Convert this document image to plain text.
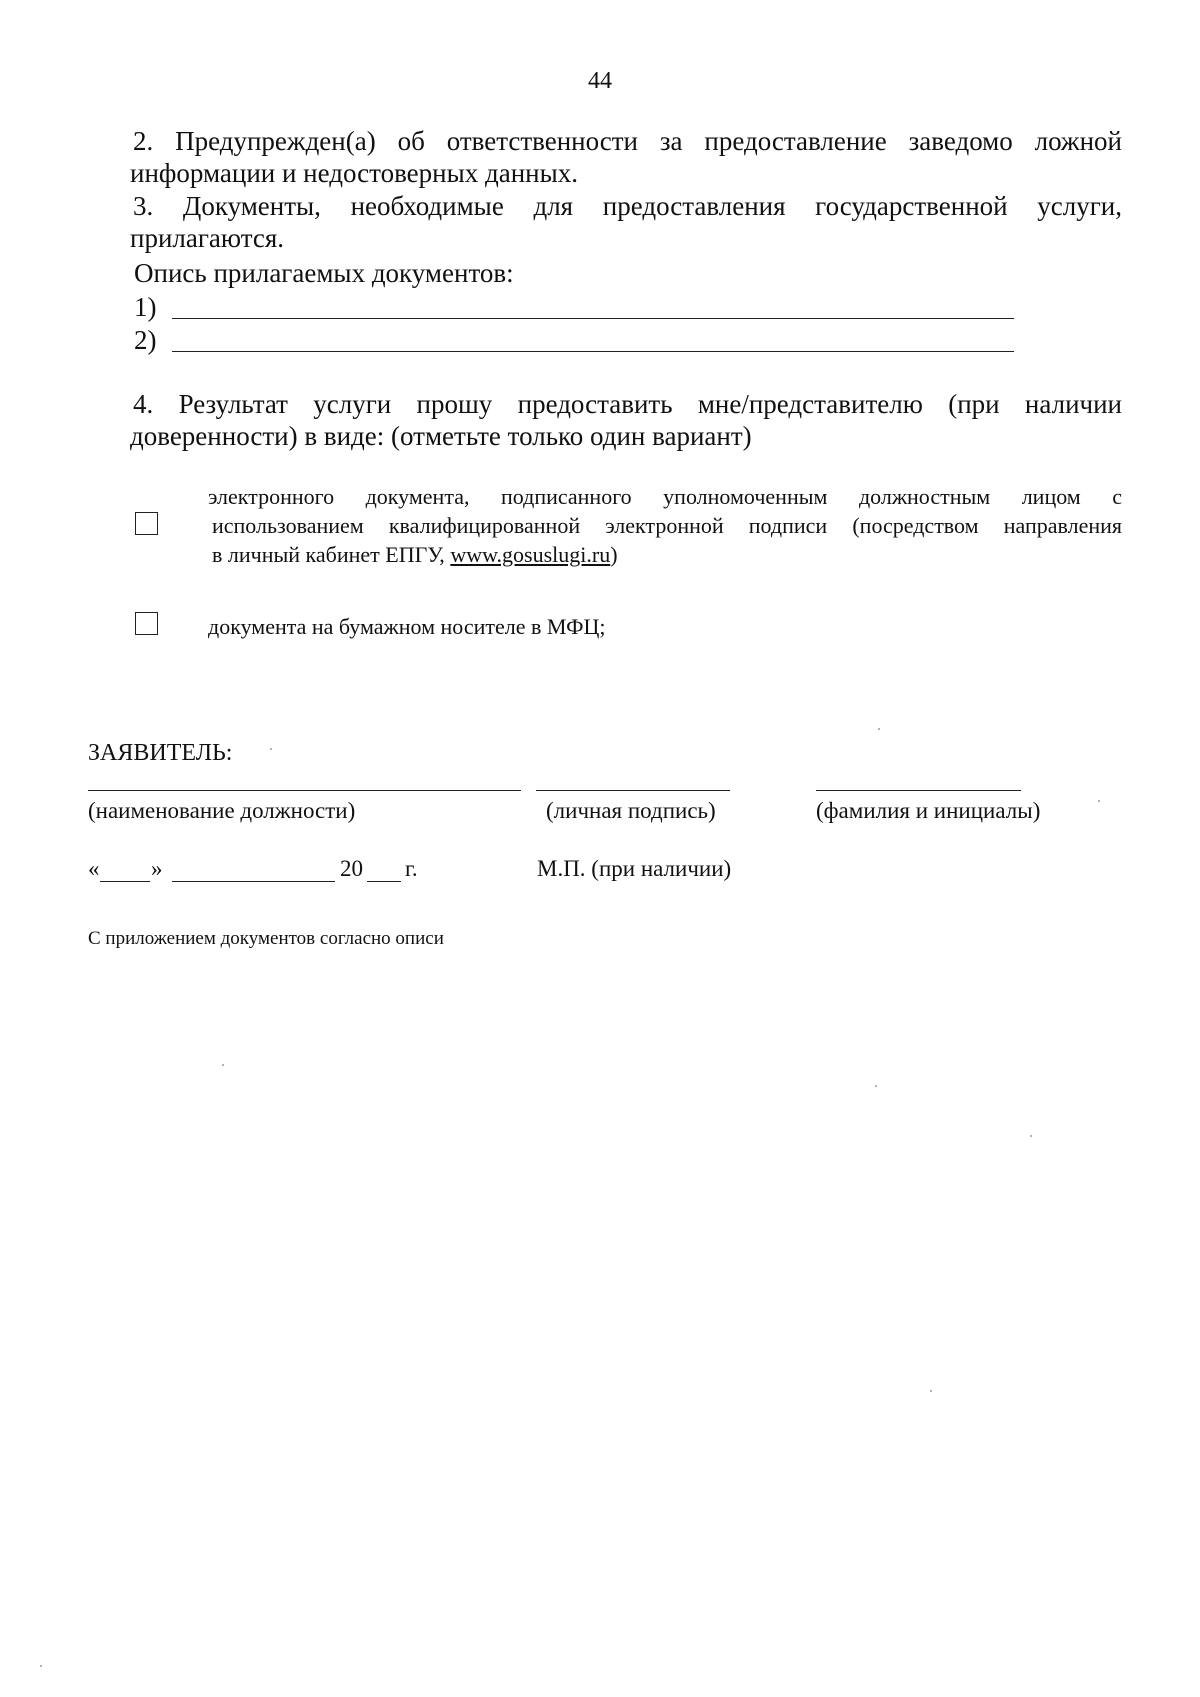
44
2. Предупрежден(а) об ответственности за предоставление заведомо ложной
информации и недостоверных данных.
3. Документы, необходимые для предоставления государственной услуги,
прилагаются.
Опись прилагаемых документов:
1)
2)
4. Результат услуги прошу предоставить мне/представителю (при наличии
доверенности) в виде: (отметьте только один вариант)
электронного документа, подписанного уполномоченным должностным лицом с
использованием квалифицированной электронной подписи (посредством направления
в личный кабинет ЕПГУ, www.gosuslugi.ru)
документа на бумажном носителе в МФЦ;
ЗАЯВИТЕЛЬ:
(наименование должности)	(личная подпись)	(фамилия и инициалы)
« »	20 г.	М.П. (при наличии)
С приложением документов согласно описи
